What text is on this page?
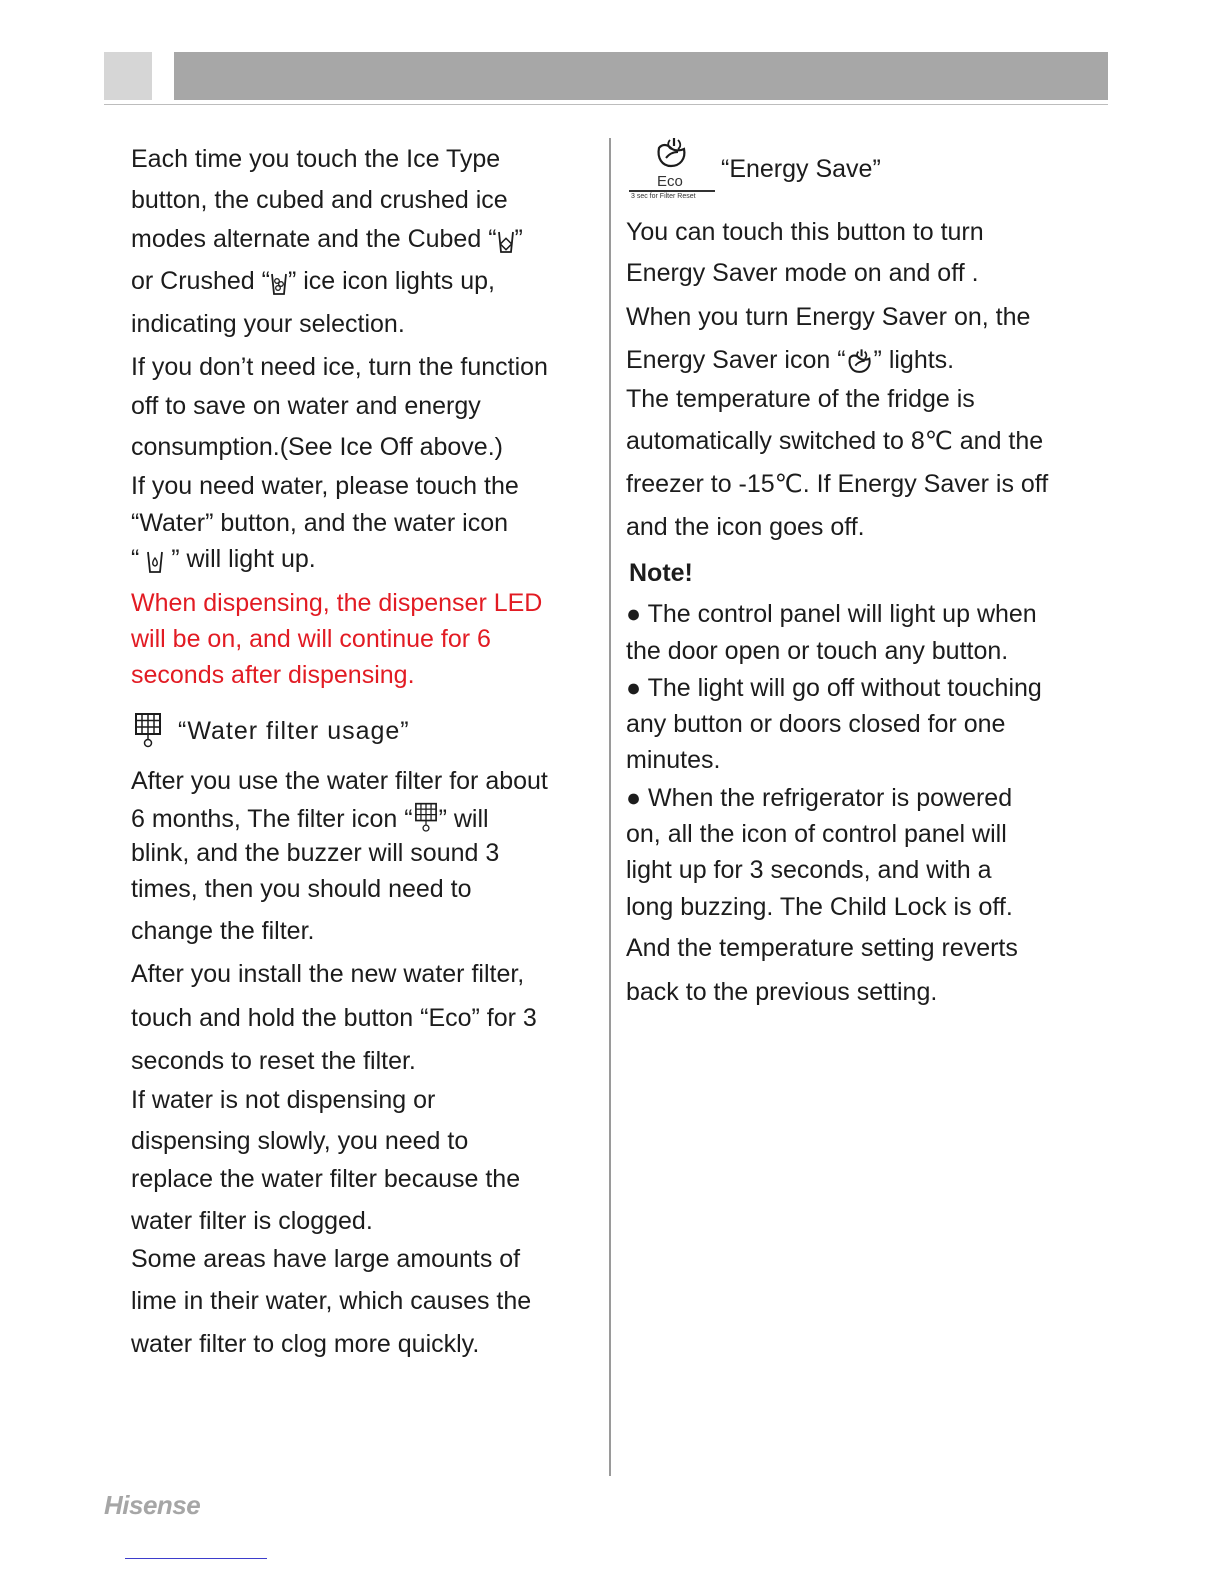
Each time you touch the Ice Type

button, the cubed and crushed ice

modes alternate and the Cubed “ ”

or Crushed “ ” ice icon lights up,

indicating your selection.

If you don’t need ice, turn the function

off to save on water and energy

consumption.(See Ice Off above.)

If you need water, please touch the

“Water” button, and the water icon

“
” will light up.

When dispensing, the dispenser LED

will be on, and will continue for 6

seconds after dispensing.

“Water filter usage”

After you use the water filter for about

6 months, The filter icon “ ” will

blink, and the buzzer will sound 3

times, then you should need to

change the filter.

After you install the new water filter,

touch and hold the button “Eco” for 3

seconds to reset the filter.

If water is not dispensing or

dispensing slowly, you need to

replace the water filter because the

water filter is clogged.

Some areas have large amounts of

lime in their water, which causes the

water filter to clog more quickly.

Eco
3 sec for Filter Reset

“Energy Save”

You can touch this button to turn

Energy Saver mode on and off .

When you turn Energy Saver on, the

Energy Saver icon “ ” lights.

The temperature of the fridge is

automatically switched to 8℃ and the

freezer to -15℃. If Energy Saver is off

and the icon goes off.

Note!

● The control panel will light up when

the door open or touch any button.

● The light will go off without touching

any button or doors closed for one

minutes.

● When the refrigerator is powered

on, all the icon of control panel will

light up for 3 seconds, and with a

long buzzing. The Child Lock is off.

And the temperature setting reverts

back to the previous setting.

Hisense
